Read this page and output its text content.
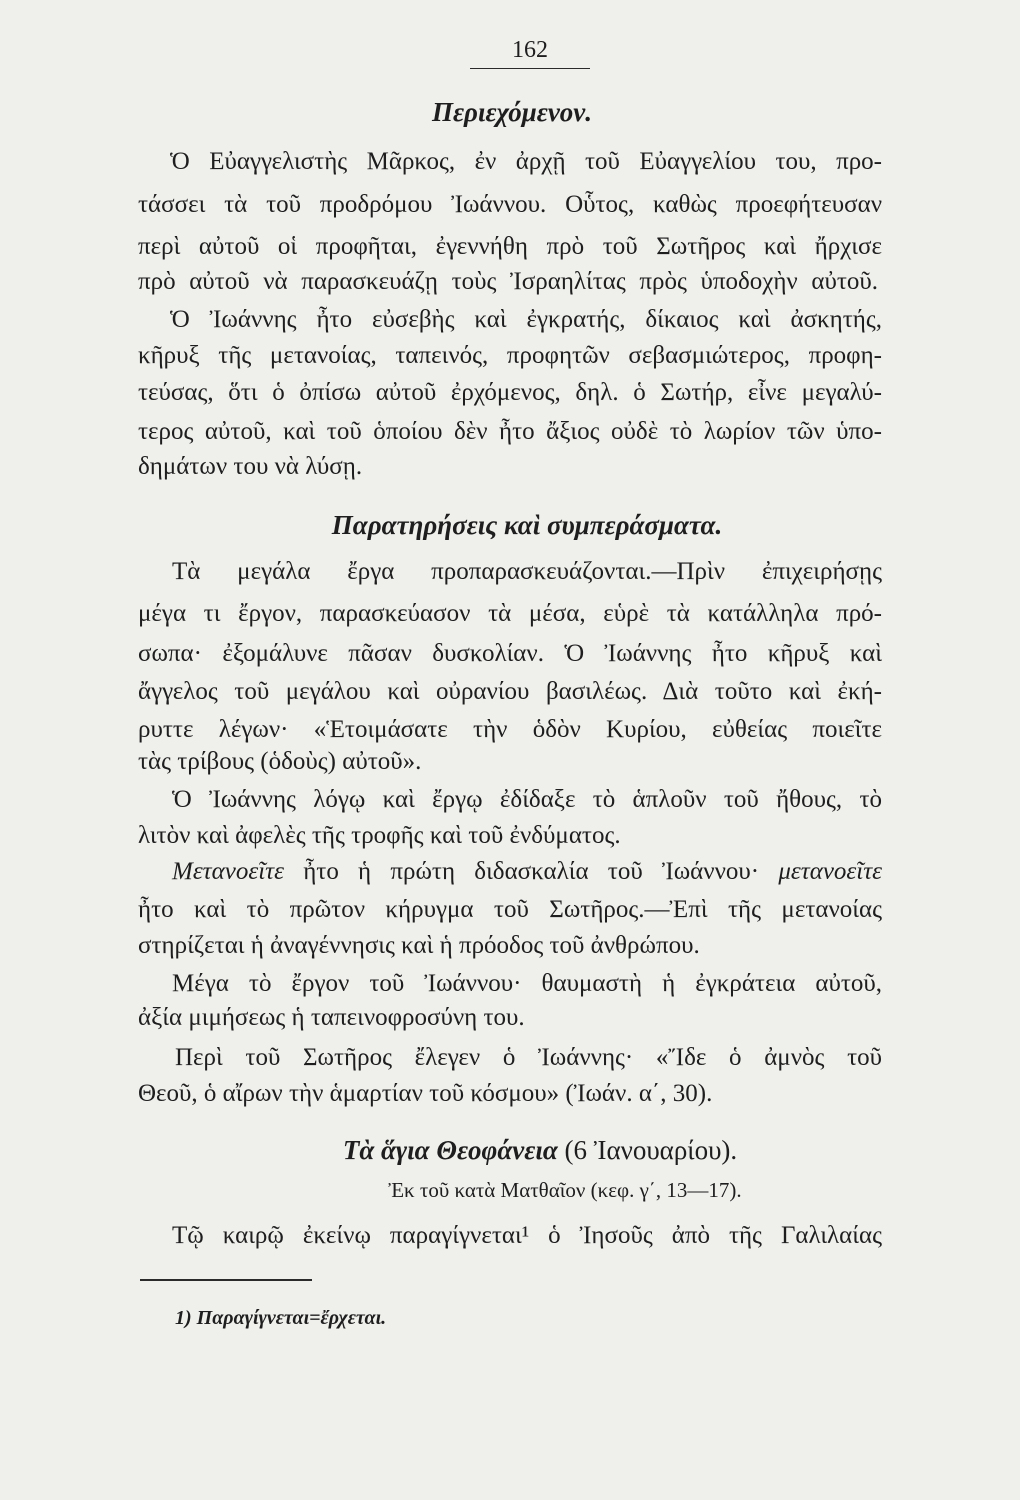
162
Περιεχόμενον.
Ὁ Εὐαγγελιστὴς Μᾶρκος, ἐν ἀρχῇ τοῦ Εὐαγγελίου του, προ-
τάσσει τὰ τοῦ προδρόμου Ἰωάννου. Οὗτος, καθὼς προεφήτευσαν
περὶ αὐτοῦ οἱ προφῆται, ἐγεννήθη πρὸ τοῦ Σωτῆρος καὶ ἤρχισε
πρὸ αὐτοῦ νὰ παρασκευάζῃ τοὺς Ἰσραηλίτας πρὸς ὑποδοχὴν αὐτοῦ.
Ὁ Ἰωάννης ἦτο εὐσεβὴς καὶ ἐγκρατής, δίκαιος καὶ ἀσκητής,
κῆρυξ τῆς μετανοίας, ταπεινός, προφητῶν σεβασμιώτερος, προφη-
τεύσας, ὅτι ὁ ὀπίσω αὐτοῦ ἐρχόμενος, δηλ. ὁ Σωτήρ, εἶνε μεγαλύ-
τερος αὐτοῦ, καὶ τοῦ ὁποίου δὲν ἦτο ἄξιος οὐδὲ τὸ λωρίον τῶν ὑπο-
δημάτων του νὰ λύσῃ.
Παρατηρήσεις καὶ συμπεράσματα.
Τὰ μεγάλα ἔργα προπαρασκευάζονται.—Πρὶν ἐπιχειρήσῃς
μέγα τι ἔργον, παρασκεύασον τὰ μέσα, εὑρὲ τὰ κατάλληλα πρό-
σωπα· ἐξομάλυνε πᾶσαν δυσκολίαν. Ὁ Ἰωάννης ἦτο κῆρυξ καὶ
ἄγγελος τοῦ μεγάλου καὶ οὐρανίου βασιλέως. Διὰ τοῦτο καὶ ἐκή-
ρυττε λέγων· «Ἑτοιμάσατε τὴν ὁδὸν Κυρίου, εὐθείας ποιεῖτε
τὰς τρίβους (ὁδοὺς) αὐτοῦ».
Ὁ Ἰωάννης λόγῳ καὶ ἔργῳ ἐδίδαξε τὸ ἁπλοῦν τοῦ ἤθους, τὸ
λιτὸν καὶ ἀφελὲς τῆς τροφῆς καὶ τοῦ ἐνδύματος.
Μετανοεῖτε ἦτο ἡ πρώτη διδασκαλία τοῦ Ἰωάννου· μετανοεῖτε
ἦτο καὶ τὸ πρῶτον κήρυγμα τοῦ Σωτῆρος.—Ἐπὶ τῆς μετανοίας
στηρίζεται ἡ ἀναγέννησις καὶ ἡ πρόοδος τοῦ ἀνθρώπου.
Μέγα τὸ ἔργον τοῦ Ἰωάννου· θαυμαστὴ ἡ ἐγκράτεια αὐτοῦ,
ἀξία μιμήσεως ἡ ταπεινοφροσύνη του.
Περὶ τοῦ Σωτῆρος ἔλεγεν ὁ Ἰωάννης· «Ἴδε ὁ ἀμνὸς τοῦ
Θεοῦ, ὁ αἴρων τὴν ἁμαρτίαν τοῦ κόσμου» (Ἰωάν. α΄, 30).
Τὰ ἅγια Θεοφάνεια (6 Ἰανουαρίου).
Ἐκ τοῦ κατὰ Ματθαῖον (κεφ. γ΄, 13—17).
Τῷ καιρῷ ἐκείνῳ παραγίγνεται¹ ὁ Ἰησοῦς ἀπὸ τῆς Γαλιλαίας
1) Παραγίγνεται=ἔρχεται.
